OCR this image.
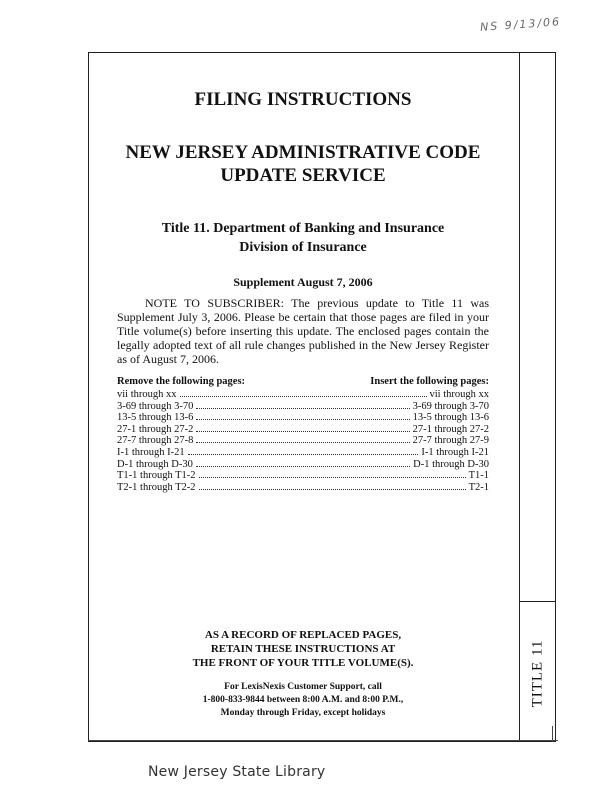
NS 9/13/06
FILING INSTRUCTIONS
NEW JERSEY ADMINISTRATIVE CODE
UPDATE SERVICE
Title 11. Department of Banking and Insurance
Division of Insurance
Supplement August 7, 2006

NOTE TO SUBSCRIBER: The previous update to Title 11 was Supplement July 3, 2006. Please be certain that those pages are filed in your Title volume(s) before inserting this update. The enclosed pages contain the legally adopted text of all rule changes published in the New Jersey Register as of August 7, 2006.

Remove the following pages:	Insert the following pages:
vii through xx	vii through xx
3-69 through 3-70	3-69 through 3-70
13-5 through 13-6	13-5 through 13-6
27-1 through 27-2	27-1 through 27-2
27-7 through 27-8	27-7 through 27-9
I-1 through I-21	I-1 through I-21
D-1 through D-30	D-1 through D-30
T1-1 through T1-2	T1-1
T2-1 through T2-2	T2-1
AS A RECORD OF REPLACED PAGES,
RETAIN THESE INSTRUCTIONS AT
THE FRONT OF YOUR TITLE VOLUME(S).
For LexisNexis Customer Support, call
1-800-833-9844 between 8:00 A.M. and 8:00 P.M.,
Monday through Friday, except holidays
TITLE 11
New Jersey State Library
